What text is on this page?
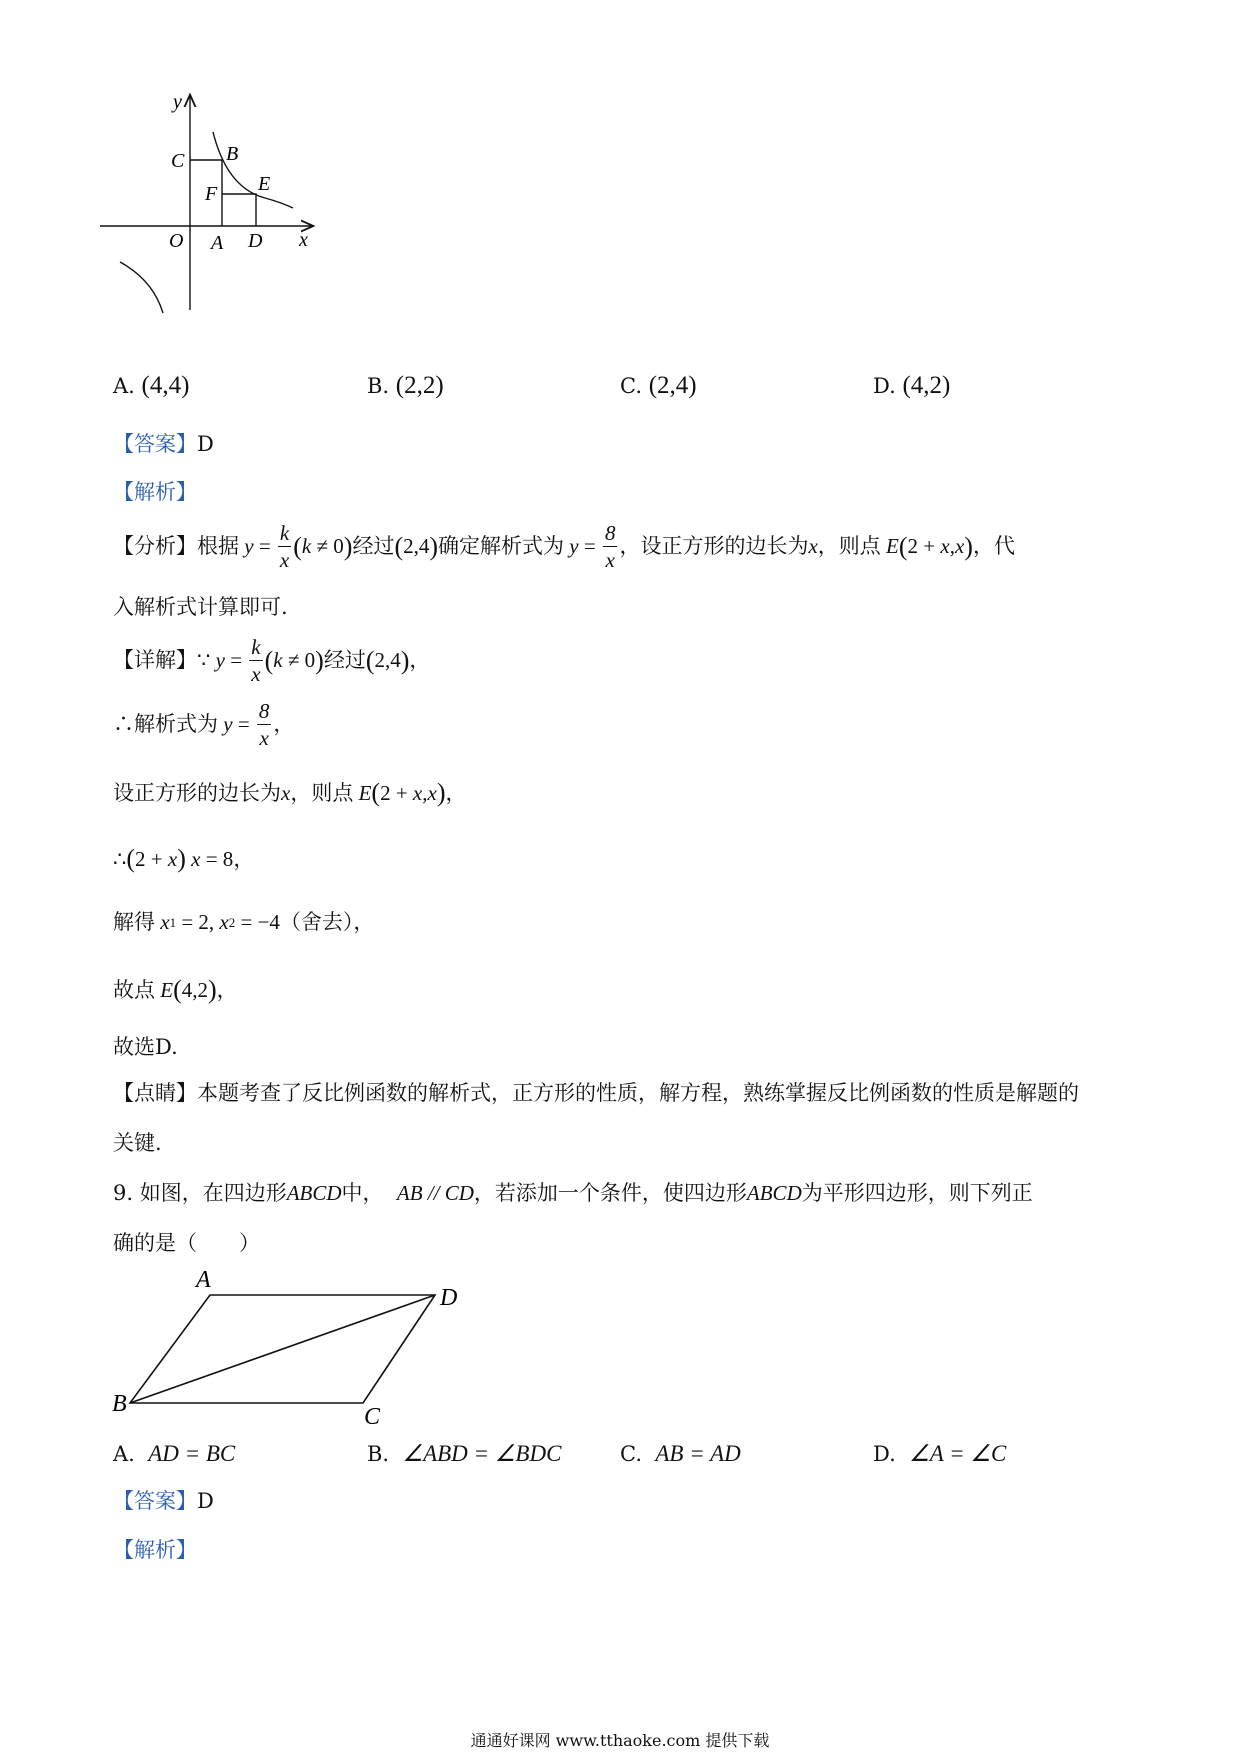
y
x
O A D
C B
F E
A. (4,4)	B. (2,2)	C. (2,4)	D. (4,2)
【答案】D
【解析】
【分析】 根据 $y = \frac{k}{x}$ ( k ≠ 0 ) 经过 ( 2,4 ) 确定解析式为 $y = \frac{8}{x}$ ，设正方形的边长为 x ，则点 E ( 2 + x , x ) ，代
入解析式计算即可.
【详解】 ∵ $y = \frac{k}{x}$ ( k ≠ 0 ) 经过 ( 2,4 ) ，
∴解析式为 $y = \frac{8}{x}$ ，
设正方形的边长为 x ，则点 E ( 2 + x , x ) ，
∴ ( 2 + x ) x = 8 ，
解得 x 1 = 2, x 2 = −4 （舍去），
故点 E ( 4,2 ) ，
故选D.
【点睛】本题考查了反比例函数的解析式，正方形的性质，解方程，熟练掌握反比例函数的性质是解题的
关键.
9. 如图，在四边形ABCD中， AB // CD，若添加一个条件，使四边形ABCD为平形四边形，则下列正
确的是（　　）
A
D
B	C
A. AD = BC	B. ∠ABD = ∠BDC	C. AB = AD	D. ∠A = ∠C
【答案】D
【解析】
通通好课网 www.tthaoke.com 提供下载
